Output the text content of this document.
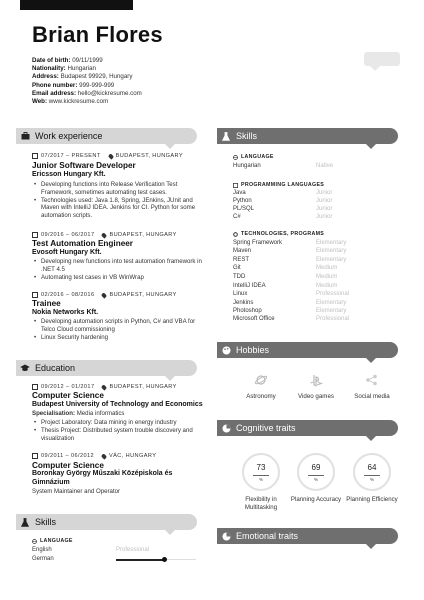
Brian Flores
Date of birth: 09/11/1999
Nationality: Hungarian
Address: Budapest 99929, Hungary
Phone number: 999-999-999
Email address: hello@kickresume.com
Web: www.kickresume.com
Work experience
07/2017 – PRESENT	BUDAPEST, HUNGARY
Junior Software Developer
Ericsson Hungary Kft.
• Developing functions into Release Verification Test Framework, sometimes automating test cases.
• Technologies used: Java 1.8, Spring, JEnkins, JUnit and Maven with IntelliJ IDEA. Jenkins for CI. Python for some automation scripts.
09/2016 – 06/2017	BUDAPEST, HUNGARY
Test Automation Engineer
Evosoft Hungary Kft.
• Developing new functions into test automation framework in .NET 4.5
• Automating test cases in VB WinWrap
02/2016 – 08/2016	BUDAPEST, HUNGARY
Trainee
Nokia Networks Kft.
• Developing automation scripts in Python, C# and VBA for Telco Cloud commissioning
• Linux Security hardening
Education
09/2012 – 01/2017	BUDAPEST, HUNGARY
Computer Science
Budapest University of Technology and Economics
Specialisation: Media informatics
• Project Laboratory: Data mining in energy industry
• Thesis Project: Distributed system trouble discovery and visualization
09/2011 – 06/2012	VÁC, HUNGARY
Computer Science
Boronkay György Műszaki Középiskola és Gimnázium
System Maintainer and Operator
Skills
LANGUAGE
English	Professional
German
Skills
LANGUAGE
Hungarian	Native
PROGRAMMING LANGUAGES
Java	Junior
Python	Junior
PL/SQL	Junior
C#	Junior
TECHNOLOGIES, PROGRAMS
Spring Framework	Elementary
Maven	Elementary
REST	Elementary
Git	Medium
TDD	Medium
IntelliJ IDEA	Medium
Linux	Professional
Jenkins	Elementary
Photoshop	Elementary
Microsoft Office	Professional
Hobbies
Astronomy	Video games	Social media
Cognitive traits
73
%
Flexibility in Multitasking
69
%
Planning Accuracy
64
%
Planning Efficiency
Emotional traits
